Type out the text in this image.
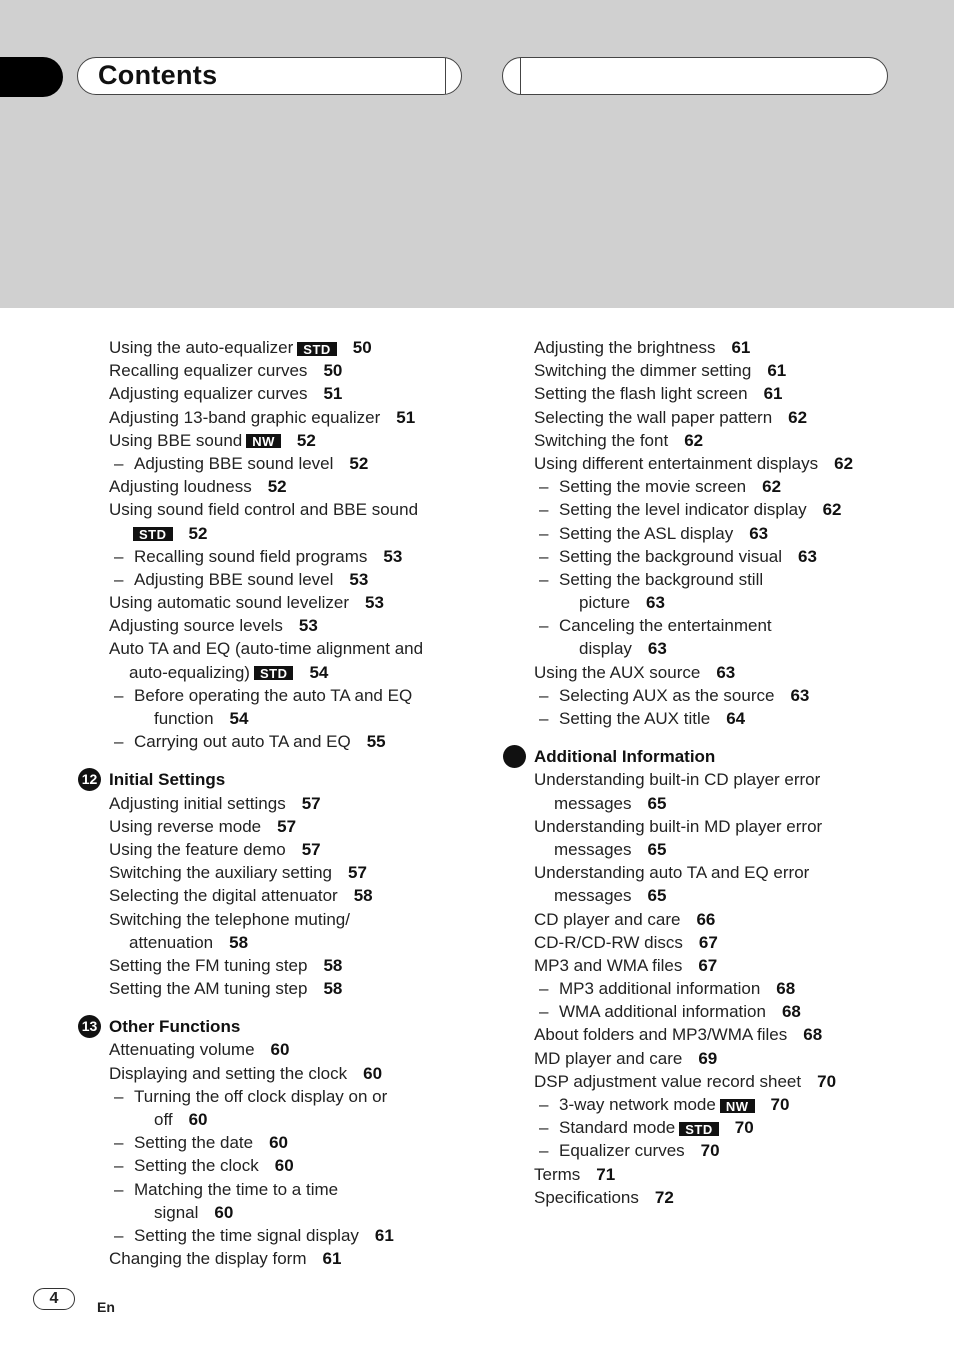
Contents
Using the auto-equalizer STD 50
Recalling equalizer curves 50
Adjusting equalizer curves 51
Adjusting 13-band graphic equalizer 51
Using BBE sound NW 52
– Adjusting BBE sound level 52
Adjusting loudness 52
Using sound field control and BBE sound
STD 52
– Recalling sound field programs 53
– Adjusting BBE sound level 53
Using automatic sound levelizer 53
Adjusting source levels 53
Auto TA and EQ (auto-time alignment and
auto-equalizing) STD 54
– Before operating the auto TA and EQ
function 54
– Carrying out auto TA and EQ 55
12 Initial Settings
Adjusting initial settings 57
Using reverse mode 57
Using the feature demo 57
Switching the auxiliary setting 57
Selecting the digital attenuator 58
Switching the telephone muting/
attenuation 58
Setting the FM tuning step 58
Setting the AM tuning step 58
13 Other Functions
Attenuating volume 60
Displaying and setting the clock 60
– Turning the off clock display on or
off 60
– Setting the date 60
– Setting the clock 60
– Matching the time to a time
signal 60
– Setting the time signal display 61
Changing the display form 61
Adjusting the brightness 61
Switching the dimmer setting 61
Setting the flash light screen 61
Selecting the wall paper pattern 62
Switching the font 62
Using different entertainment displays 62
– Setting the movie screen 62
– Setting the level indicator display 62
– Setting the ASL display 63
– Setting the background visual 63
– Setting the background still
picture 63
– Canceling the entertainment
display 63
Using the AUX source 63
– Selecting AUX as the source 63
– Setting the AUX title 64
Additional Information
Understanding built-in CD player error
messages 65
Understanding built-in MD player error
messages 65
Understanding auto TA and EQ error
messages 65
CD player and care 66
CD-R/CD-RW discs 67
MP3 and WMA files 67
– MP3 additional information 68
– WMA additional information 68
About folders and MP3/WMA files 68
MD player and care 69
DSP adjustment value record sheet 70
– 3-way network mode NW 70
– Standard mode STD 70
– Equalizer curves 70
Terms 71
Specifications 72
4	En
